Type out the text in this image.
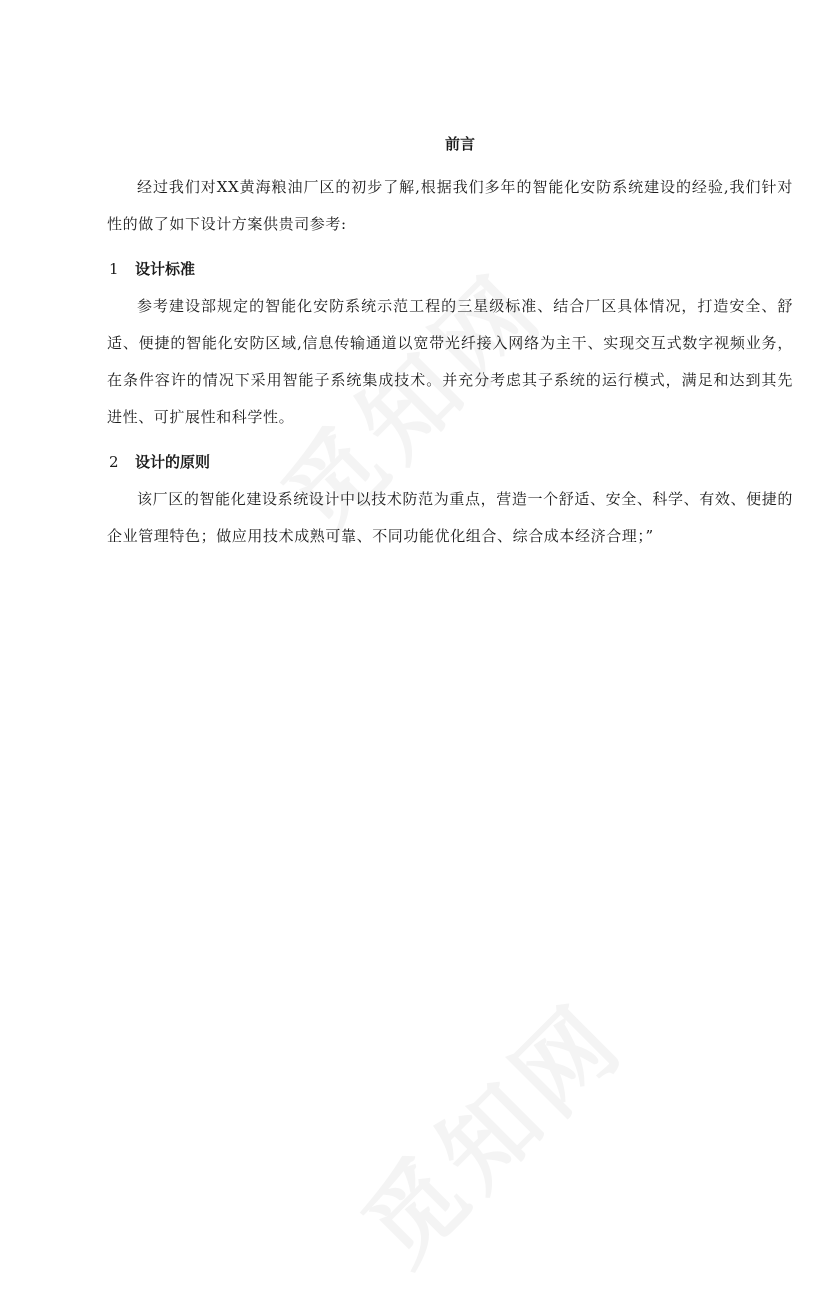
前言

经过我们对XX黄海粮油厂区的初步了解,根据我们多年的智能化安防系统建设的经验,我们针对性的做了如下设计方案供贵司参考:

1 设计标准

参考建设部规定的智能化安防系统示范工程的三星级标准、结合厂区具体情况，打造安全、舒适、便捷的智能化安防区域,信息传输通道以宽带光纤接入网络为主干、实现交互式数字视频业务，在条件容许的情况下采用智能子系统集成技术。并充分考虑其子系统的运行模式，满足和达到其先进性、可扩展性和科学性。

2 设计的原则

该厂区的智能化建设系统设计中以技术防范为重点，营造一个舒适、安全、科学、有效、便捷的企业管理特色；做应用技术成熟可靠、不同功能优化组合、综合成本经济合理；”
